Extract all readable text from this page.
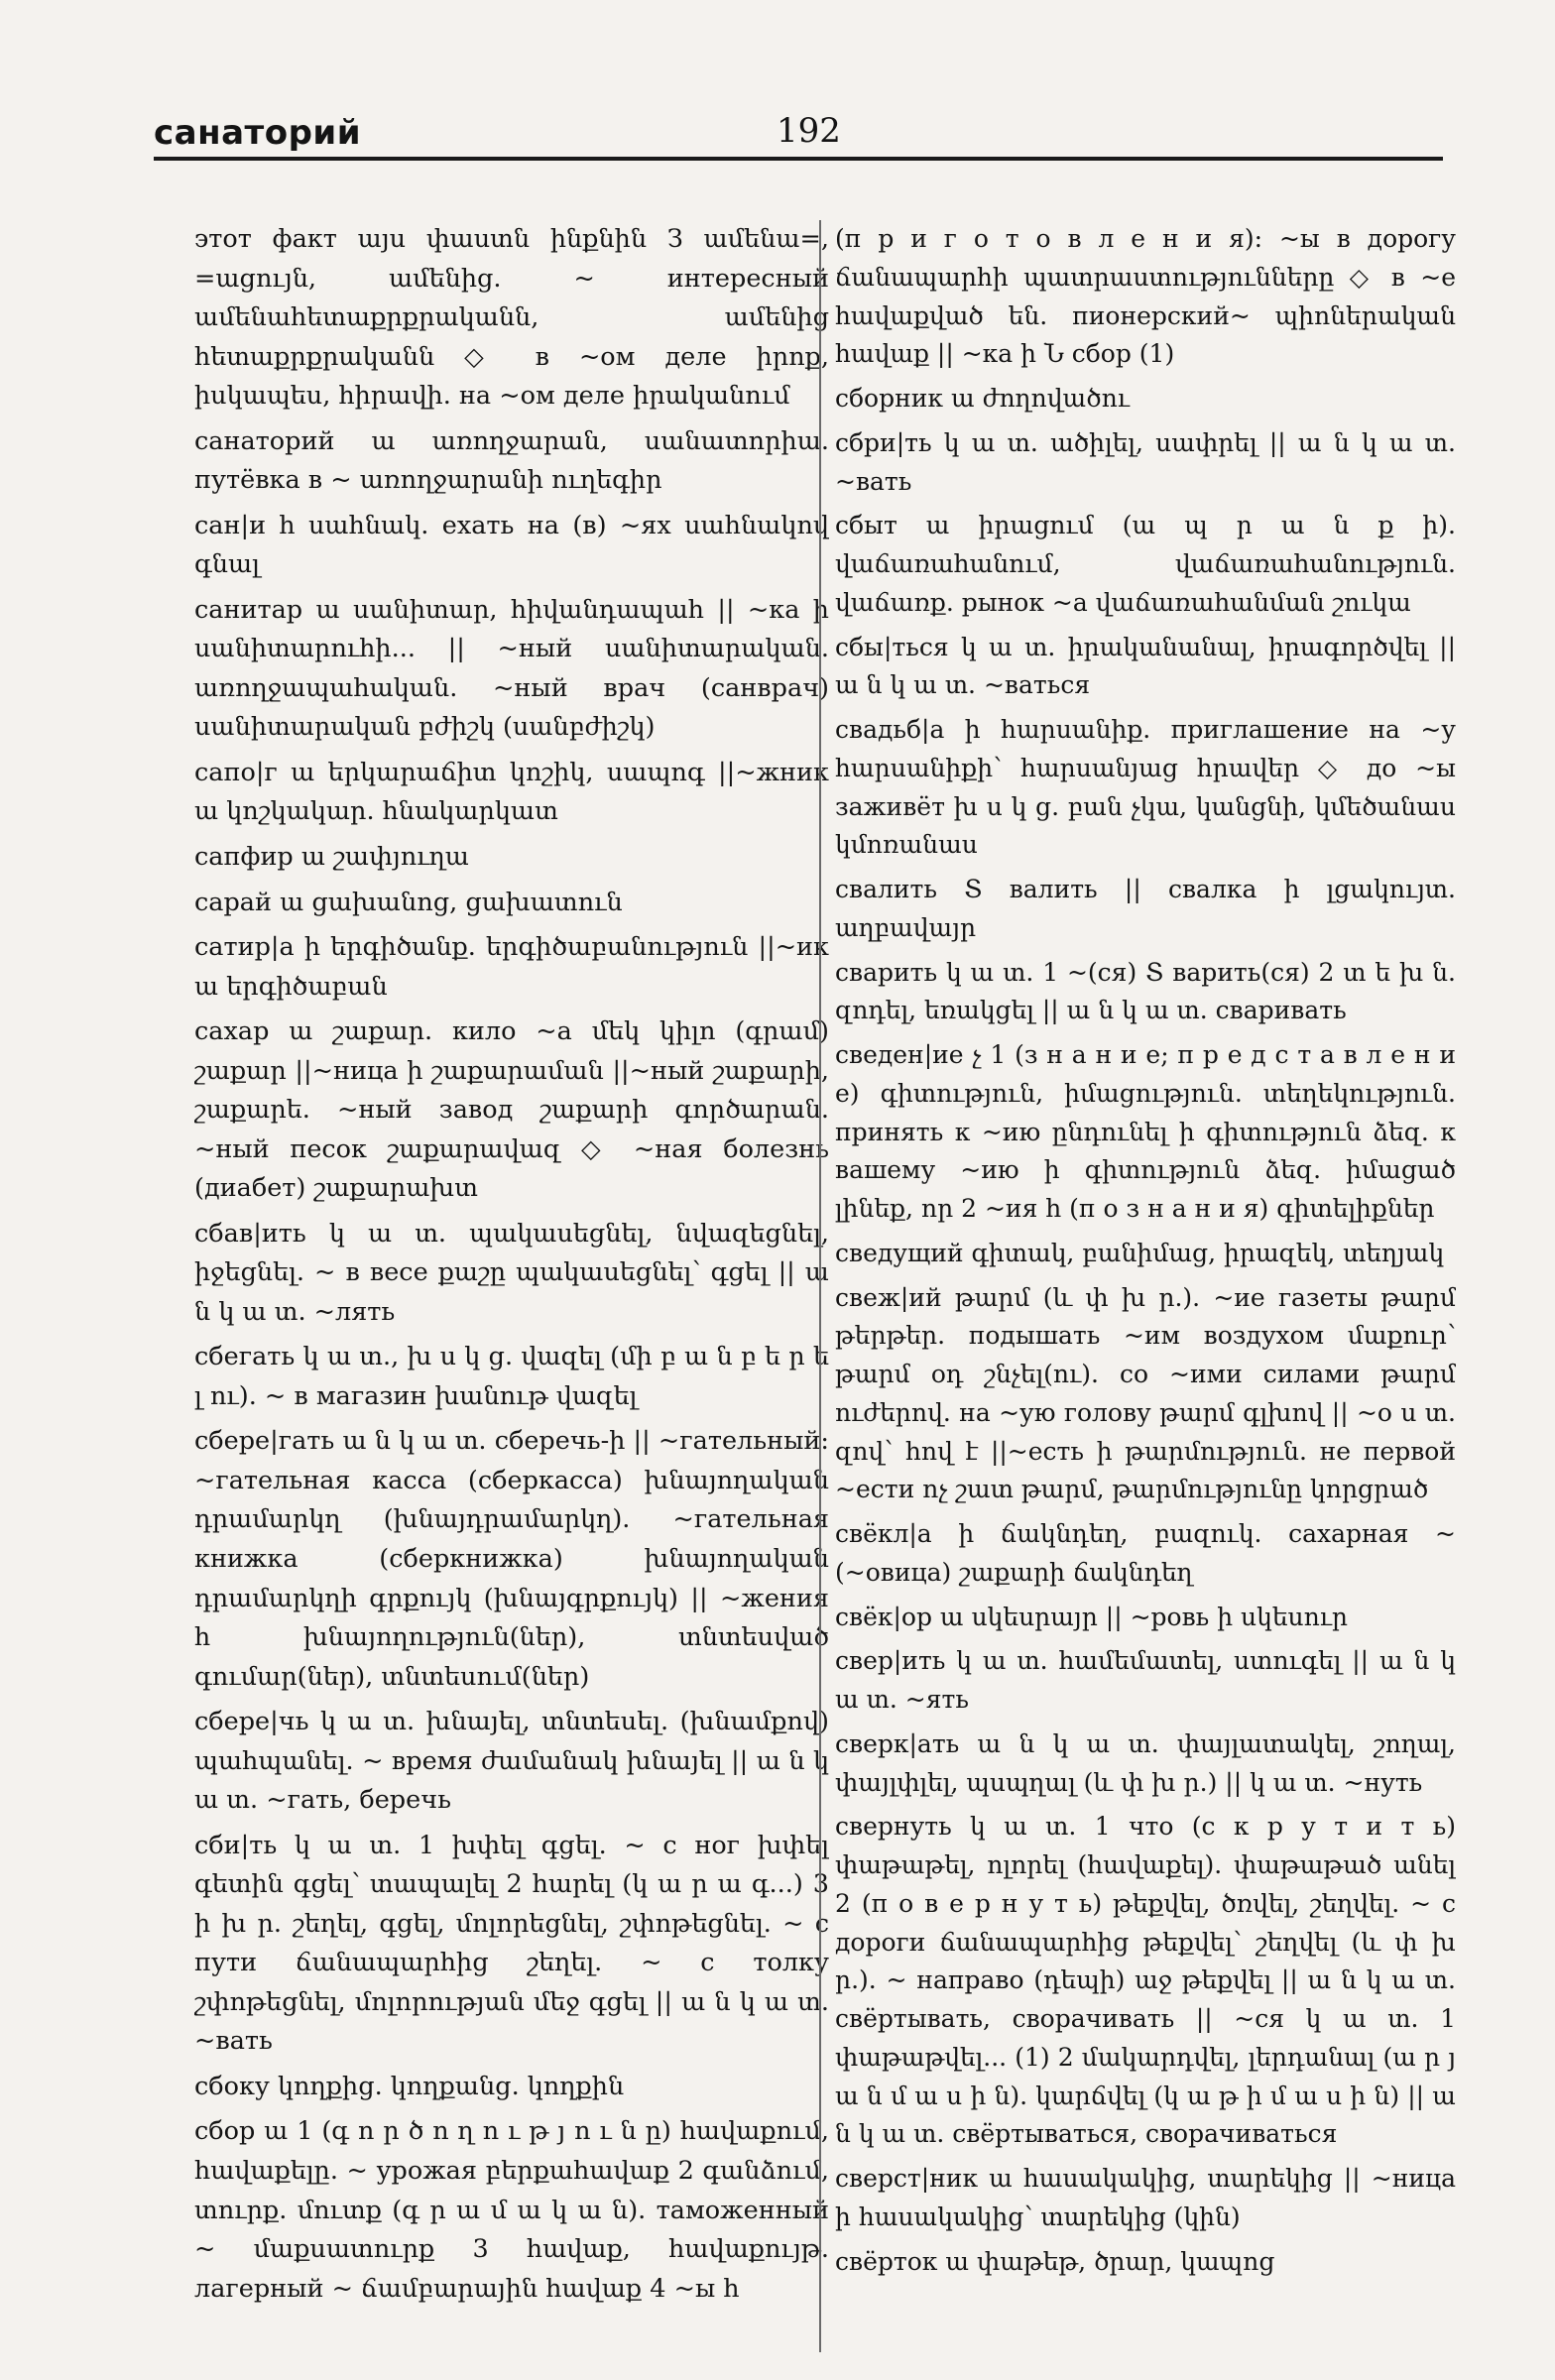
санаторий	192

этот факт այս փաստն ինքնին З ամենա=, =ացույն, ամենից. ~ интересный ամենահետաքրքրականն, ամենից հետաքրքրականն ◇ в ~ом деле իրոք, իսկապես, հիրավի. на ~ом деле իրականում

санаторий ա առողջարան, սանատորիա. путёвка в ~ առողջարանի ուղեգիր

сан|и հ սահնակ. ехать на (в) ~ях սահնակով գնալ

санитар ա սանիտար, հիվանդապահ || ~ка ի սանիտարուհի... || ~ный սանիտարական. առողջապահական. ~ный врач (санврач) սանիտարական բժիշկ (սանբժիշկ)

сапо|г ա երկարաճիտ կոշիկ, սապոգ ||~жник ա կոշկակար. հնակարկատ

сапфир ա շափյուղա

сарай ա ցախանոց, ցախատուն

сатир|а ի երգիծանք. երգիծաբանություն ||~ик ա երգիծաբան

сахар ա շաքար. кило ~а մեկ կիլո (գրամ) շաքար ||~ница ի շաքարաման ||~ный շաքարի, շաքարե. ~ный завод շաքարի գործարան. ~ный песок շաքարավազ ◇ ~ная болезнь (диабет) շաքարախտ

сбав|ить կ ա տ. պակասեցնել, նվազեցնել, իջեցնել. ~ в весе քաշը պակասեցնել՝ գցել || ա ն կ ա տ. ~лять

сбегать կ ա տ., խ ս կ ց. վազել (մի բ ա ն բ ե ր ե լ ու). ~ в магазин խանութ վազել

сбере|гать ա ն կ ա տ. сберечь-ի || ~гательный: ~гательная касса (сберкасса) խնայողական դրամարկղ (խնայդրամարկղ). ~гательная книжка (сберкнижка) խնայողական դրամարկղի գրքույկ (խնայգրքույկ) || ~жения հ խնայողություն(ներ), տնտեսված գումար(ներ), տնտեսում(ներ)

сбере|чь կ ա տ. խնայել, տնտեսել. (խնամքով) պահպանել. ~ время ժամանակ խնայել || ա ն կ ա տ. ~гать, беречь

сби|ть կ ա տ. 1 խփել գցել. ~ с ног խփել գետին գցել՝ տապալել 2 հարել (կ ա ր ա գ...) 3 ի խ ր. շեղել, գցել, մոլորեցնել, շփոթեցնել. ~ с пути ճանապարհից շեղել. ~ с толку շփոթեցնել, մոլորության մեջ գցել || ա ն կ ա տ. ~вать

сбоку կողքից. կողքանց. կողքին

сбор ա 1 (գ ո ր ծ ո ղ ո ւ թ յ ո ւ ն ը) հավաքում, հավաքելը. ~ урожая բերքահավաք 2 գանձում, տուրք. մուտք (գ ր ա մ ա կ ա ն). таможенный ~ մաքսատուրք 3 հավաք, հավաքույթ. лагерный ~ ճամբարային հավաք 4 ~ы հ

(п р и г о т о в л е н и я): ~ы в дорогу ճանապարհի պատրաստությունները ◇ в ~е հավաքված են. пионерский~ պիոներական հավաք || ~ка ի Ն сбор (1)

сборник ա ժողովածու

сбри|ть կ ա տ. ածիլել, սափրել || ա ն կ ա տ. ~вать

сбыт ա իրացում (ա պ ր ա ն ք ի). վաճառահանում, վաճառահանություն. վաճառք. рынок ~а վաճառահանման շուկա

сбы|ться կ ա տ. իրականանալ, իրագործվել || ա ն կ ա տ. ~ваться

свадьб|а ի հարսանիք. приглашение на ~у հարսանիքի՝ հարսանյաց հրավեր ◇ до ~ы заживёт խ ս կ ց. բան չկա, կանցնի, կմեծանաս կմոռանաս

свалить Տ валить || свалка ի լցակույտ. աղբավայր

сварить կ ա տ. 1 ~(ся) Տ варить(ся) 2 տ ե խ ն. զոդել, եռակցել || ա ն կ ա տ. сваривать

сведен|ие չ 1 (з н а н и е; п р е д с т а в л е н и е) գիտություն, իմացություն. տեղեկություն. принять к ~ию ընդունել ի գիտություն ձեզ. к вашему ~ию ի գիտություն ձեզ. իմացած լինեք, որ 2 ~ия հ (п о з н а н и я) գիտելիքներ

сведущий գիտակ, բանիմաց, իրազեկ, տեղյակ

свеж|ий թարմ (և փ խ ր.). ~ие газеты թարմ թերթեր. подышать ~им воздухом մաքուր՝ թարմ օդ շնչել(ու). со ~ими силами թարմ ուժերով. на ~ую голову թարմ գլխով || ~о ս տ. զով՝ հով է ||~есть ի թարմություն. не первой ~ести ոչ շատ թարմ, թարմությունը կորցրած

свёкл|а ի ճակնդեղ, բազուկ. сахарная ~ (~овица) շաքարի ճակնդեղ

свёк|ор ա սկեսրայր || ~ровь ի սկեսուր

свер|ить կ ա տ. համեմատել, ստուգել || ա ն կ ա տ. ~ять

сверк|ать ա ն կ ա տ. փայլատակել, շողալ, փայլփլել, պսպղալ (և փ խ ր.) || կ ա տ. ~нуть

свернуть կ ա տ. 1 что (с к р у т и т ь) փաթաթել, ոլորել (հավաքել). փաթաթած անել 2 (п о в е р н у т ь) թեքվել, ծռվել, շեղվել. ~ с дороги ճանապարհից թեքվել՝ շեղվել (և փ խ ր.). ~ направо (դեպի) աջ թեքվել || ա ն կ ա տ. свёртывать, сворачивать || ~ся կ ա տ. 1 փաթաթվել... (1) 2 մակարդվել, լերդանալ (ա ր յ ա ն մ ա ս ի ն). կարճվել (կ ա թ ի մ ա ս ի ն) || ա ն կ ա տ. свёртываться, сворачиваться

сверст|ник ա հասակակից, տարեկից || ~ница ի հասակակից՝ տարեկից (կին)

свёрток ա փաթեթ, ծրար, կապոց
